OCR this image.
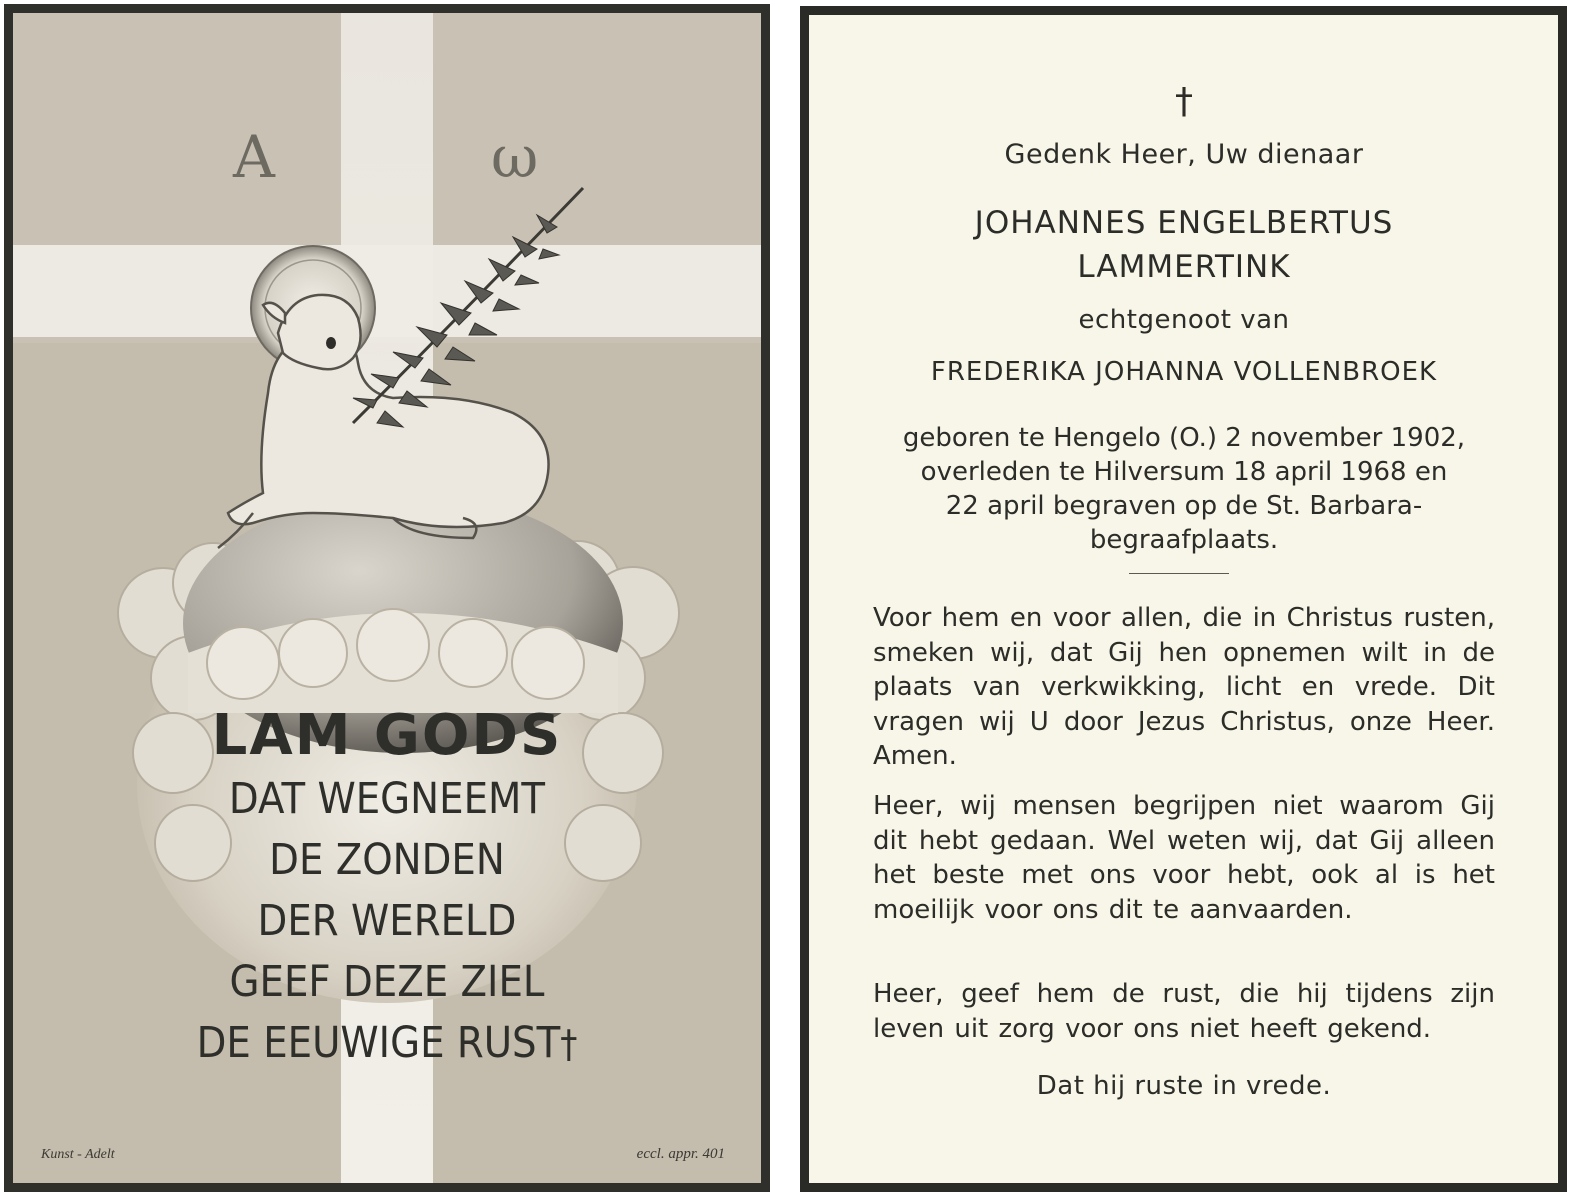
A	ω
LAM GODS
DAT WEGNEEMT
DE ZONDEN
DER WERELD
GEEF DEZE ZIEL
DE EEUWIGE RUST†
Kunst - Adelt	eccl. appr. 401
†
Gedenk Heer, Uw dienaar
JOHANNES ENGELBERTUS
LAMMERTINK
echtgenoot van
FREDERIKA JOHANNA VOLLENBROEK
geboren te Hengelo (O.) 2 november 1902,
overleden te Hilversum 18 april 1968 en
22 april begraven op de St. Barbara-
begraafplaats.
Voor hem en voor allen, die in Christus rusten, smeken wij, dat Gij hen opnemen wilt in de plaats van verkwikking, licht en vrede. Dit vragen wij U door Jezus Christus, onze Heer. Amen.
Heer, wij mensen begrijpen niet waarom Gij dit hebt gedaan. Wel weten wij, dat Gij alleen het beste met ons voor hebt, ook al is het moeilijk voor ons dit te aanvaarden.
Heer, geef hem de rust, die hij tijdens zijn leven uit zorg voor ons niet heeft gekend.
Dat hij ruste in vrede.
